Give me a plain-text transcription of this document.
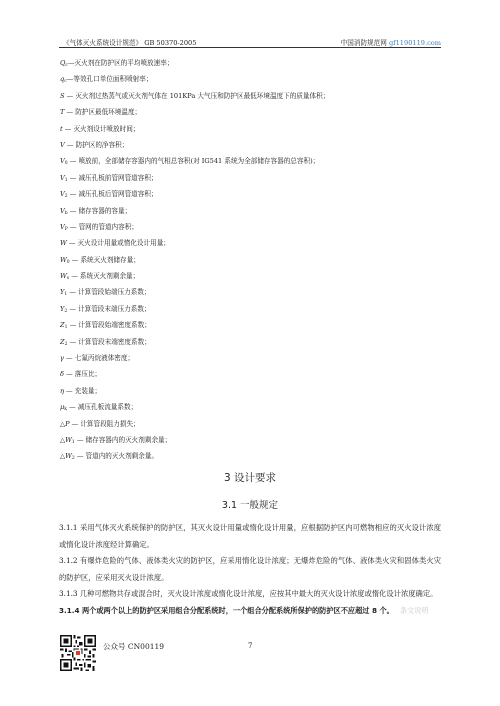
《气体灭火系统设计规范》 GB 50370-2005	中国消防规范网 gf1190119.com
$Q_c—$灭火剂在防护区的平均喷放速率；
$q_c—$等效孔口单位面积喷射率；
S — 灭火剂过热蒸气或灭火剂气体在 101KPa 大气压和防护区最低环境温度下的质量体积；
T — 防护区最低环境温度；
t — 灭火剂设计喷放时间；
V — 防护区的净容积；
$V_0$ — 喷放前，全部储存容器内的气相总容积(对 IG541 系统为全部储存容器的总容积)；
$V_1$ — 减压孔板前管网管道容积；
$V_2$ — 减压孔板后管网管道容积；
$V_b$ — 储存容器的容量；
$V_P$ — 管网的管道内容积；
W — 灭火设计用量或惰化设计用量；
$W_0$ — 系统灭火剂储存量；
$W_s$ — 系统灭火剂剩余量；
$Y_1$ — 计算管段始端压力系数；
$Y_2$ — 计算管段末端压力系数；
$Z_1$ — 计算管段始端密度系数；
$Z_2$ — 计算管段末端密度系数；
γ — 七氟丙烷液体密度；
δ — 落压比；
η — 充装量；
$\mu_k$ — 减压孔板流量系数；
△P — 计算管段阻力损失；
$\triangle W_1$ — 储存容器内的灭火剂剩余量；
$\triangle W_2$ — 管道内的灭火剂剩余量。
3 设计要求
3.1 一般规定
3.1.1 采用气体灭火系统保护的防护区，其灭火设计用量或惰化设计用量，应根据防护区内可燃物相应的灭火设计浓度或惰化设计浓度经计算确定。
3.1.2 有爆炸危险的气体、液体类火灾的防护区，应采用惰化设计浓度；无爆炸危险的气体、液体类火灾和固体类火灾的防护区，应采用灭火设计浓度。
3.1.3 几种可燃物共存或混合时，灭火设计浓度或惰化设计浓度，应按其中最大的灭火设计浓度或惰化设计浓度确定。
3.1.4 两个或两个以上的防护区采用组合分配系统时，一个组合分配系统所保护的防护区不应超过 8 个。 条文说明
公众号 CN00119	7
